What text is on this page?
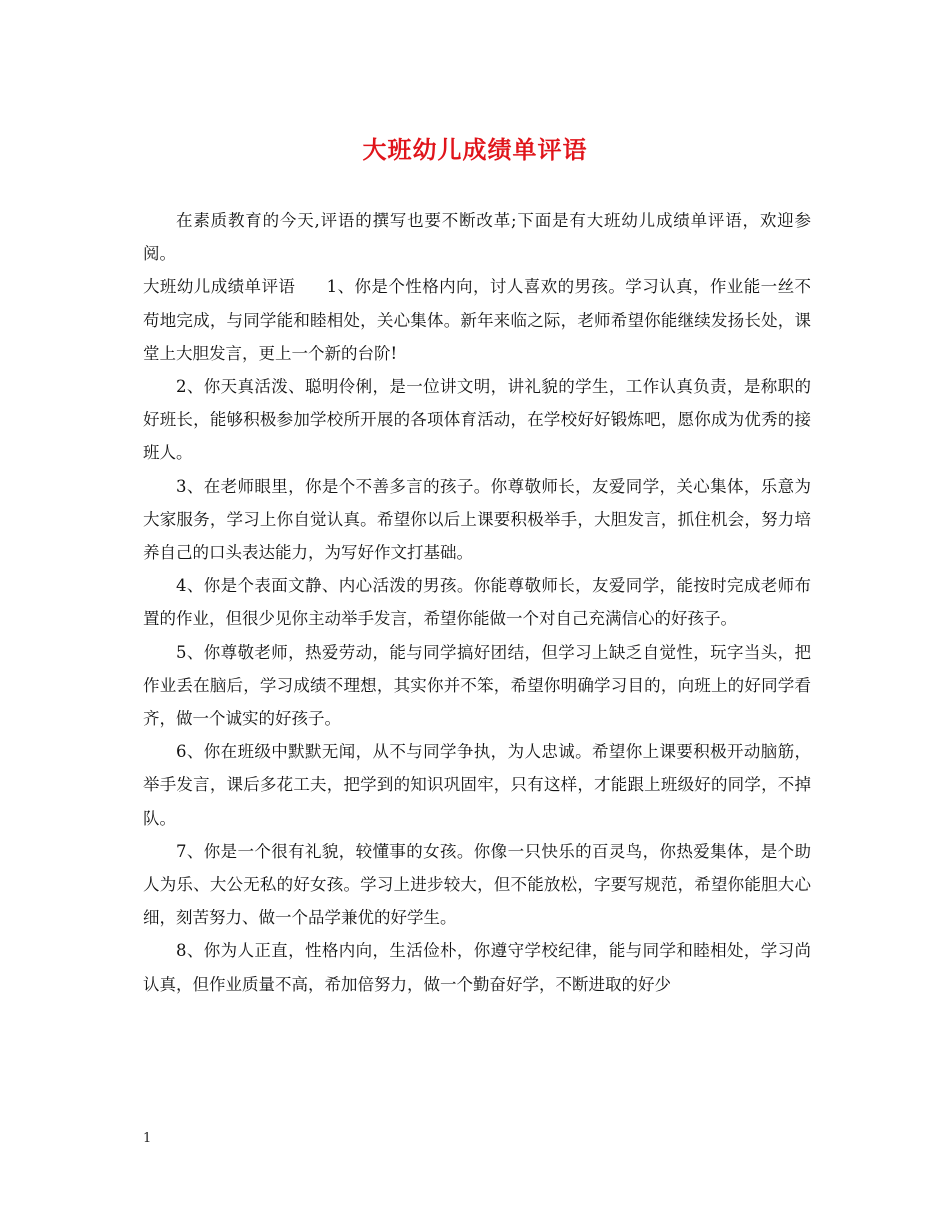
大班幼儿成绩单评语

在素质教育的今天,评语的撰写也要不断改革;下面是有大班幼儿成绩单评语，欢迎参阅。

大班幼儿成绩单评语 1、你是个性格内向，讨人喜欢的男孩。学习认真，作业能一丝不苟地完成，与同学能和睦相处，关心集体。新年来临之际，老师希望你能继续发扬长处，课堂上大胆发言，更上一个新的台阶!

2、你天真活泼、聪明伶俐，是一位讲文明，讲礼貌的学生，工作认真负责，是称职的好班长，能够积极参加学校所开展的各项体育活动，在学校好好锻炼吧，愿你成为优秀的接班人。

3、在老师眼里，你是个不善多言的孩子。你尊敬师长，友爱同学，关心集体，乐意为大家服务，学习上你自觉认真。希望你以后上课要积极举手，大胆发言，抓住机会，努力培养自己的口头表达能力，为写好作文打基础。

4、你是个表面文静、内心活泼的男孩。你能尊敬师长，友爱同学，能按时完成老师布置的作业，但很少见你主动举手发言，希望你能做一个对自己充满信心的好孩子。

5、你尊敬老师，热爱劳动，能与同学搞好团结，但学习上缺乏自觉性，玩字当头，把作业丢在脑后，学习成绩不理想，其实你并不笨，希望你明确学习目的，向班上的好同学看齐，做一个诚实的好孩子。

6、你在班级中默默无闻，从不与同学争执，为人忠诚。希望你上课要积极开动脑筋，举手发言，课后多花工夫，把学到的知识巩固牢，只有这样，才能跟上班级好的同学，不掉队。

7、你是一个很有礼貌，较懂事的女孩。你像一只快乐的百灵鸟，你热爱集体，是个助人为乐、大公无私的好女孩。学习上进步较大，但不能放松，字要写规范，希望你能胆大心细，刻苦努力、做一个品学兼优的好学生。

8、你为人正直，性格内向，生活俭朴，你遵守学校纪律，能与同学和睦相处，学习尚认真，但作业质量不高，希加倍努力，做一个勤奋好学，不断进取的好少

1
